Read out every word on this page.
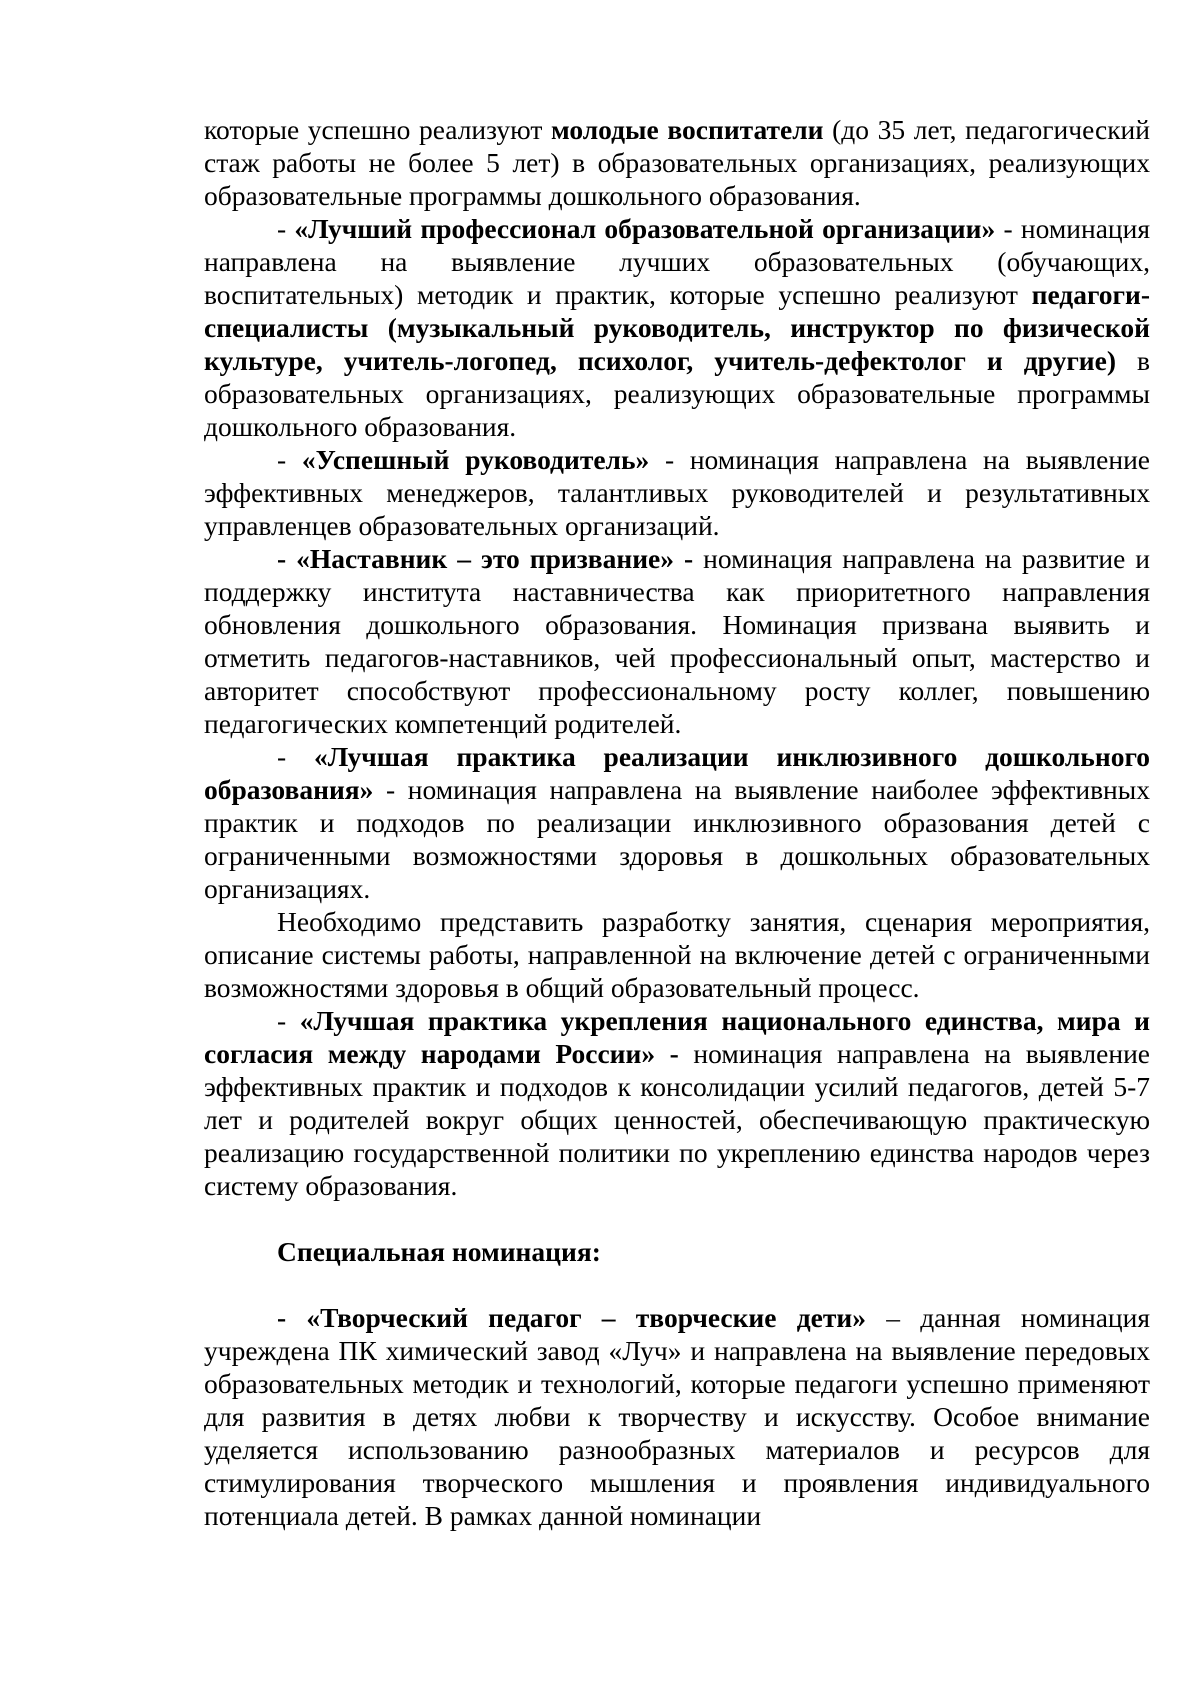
которые успешно реализуют молодые воспитатели (до 35 лет, педагогический стаж работы не более 5 лет) в образовательных организациях, реализующих образовательные программы дошкольного образования.

- «Лучший профессионал образовательной организации» - номинация направлена на выявление лучших образовательных (обучающих, воспитательных) методик и практик, которые успешно реализуют педагоги-специалисты (музыкальный руководитель, инструктор по физической культуре, учитель-логопед, психолог, учитель-дефектолог и другие) в образовательных организациях, реализующих образовательные программы дошкольного образования.

- «Успешный руководитель» - номинация направлена на выявление эффективных менеджеров, талантливых руководителей и результативных управленцев образовательных организаций.

- «Наставник – это призвание» - номинация направлена на развитие и поддержку института наставничества как приоритетного направления обновления дошкольного образования. Номинация призвана выявить и отметить педагогов-наставников, чей профессиональный опыт, мастерство и авторитет способствуют профессиональному росту коллег, повышению педагогических компетенций родителей.

- «Лучшая практика реализации инклюзивного дошкольного образования» - номинация направлена на выявление наиболее эффективных практик и подходов по реализации инклюзивного образования детей с ограниченными возможностями здоровья в дошкольных образовательных организациях.

Необходимо представить разработку занятия, сценария мероприятия, описание системы работы, направленной на включение детей с ограниченными возможностями здоровья в общий образовательный процесс.

- «Лучшая практика укрепления национального единства, мира и согласия между народами России» - номинация направлена на выявление эффективных практик и подходов к консолидации усилий педагогов, детей 5-7 лет и родителей вокруг общих ценностей, обеспечивающую практическую реализацию государственной политики по укреплению единства народов через систему образования.

Специальная номинация:

- «Творческий педагог – творческие дети» – данная номинация учреждена ПК химический завод «Луч» и направлена на выявление передовых образовательных методик и технологий, которые педагоги успешно применяют для развития в детях любви к творчеству и искусству. Особое внимание уделяется использованию разнообразных материалов и ресурсов для стимулирования творческого мышления и проявления индивидуального потенциала детей. В рамках данной номинации
